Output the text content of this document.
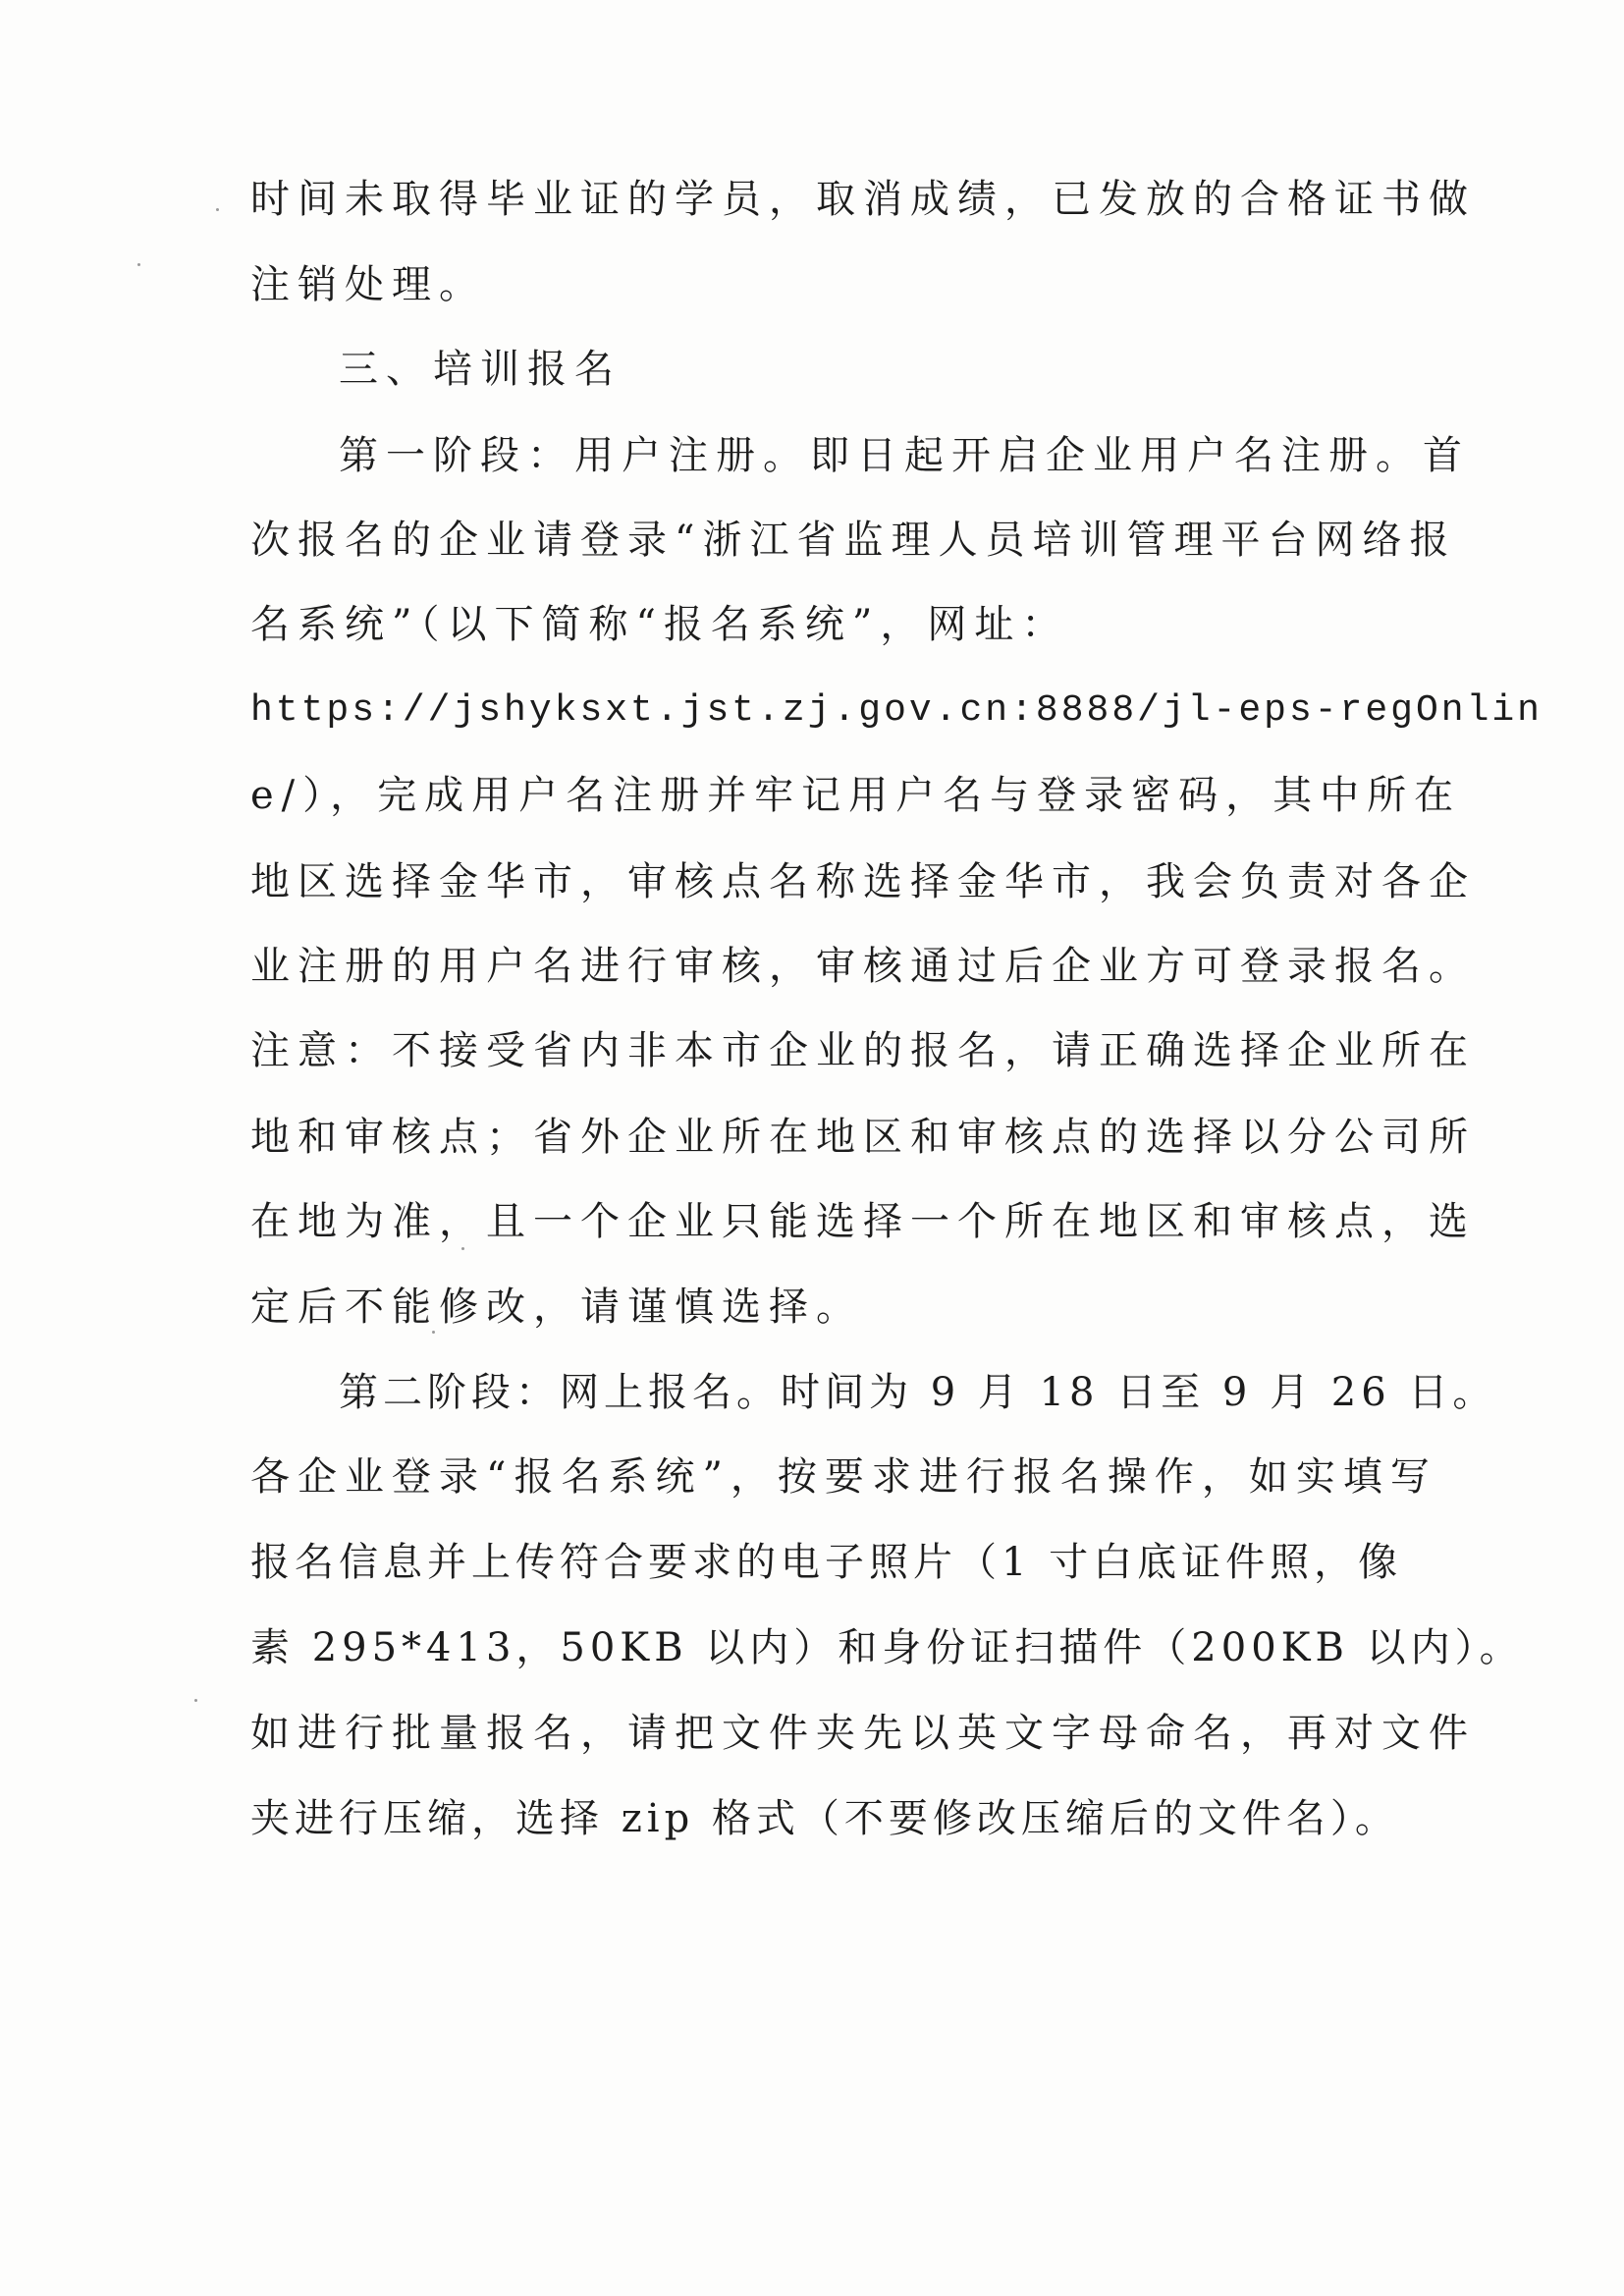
时间未取得毕业证的学员，取消成绩，已发放的合格证书做
注销处理。
三、培训报名
第一阶段：用户注册。即日起开启企业用户名注册。首
次报名的企业请登录“浙江省监理人员培训管理平台网络报
名系统”（以下简称“报名系统”，网址：
https://jshyksxt.jst.zj.gov.cn:8888/jl-eps-regOnlin
e/），完成用户名注册并牢记用户名与登录密码，其中所在
地区选择金华市，审核点名称选择金华市，我会负责对各企
业注册的用户名进行审核，审核通过后企业方可登录报名。
注意：不接受省内非本市企业的报名，请正确选择企业所在
地和审核点；省外企业所在地区和审核点的选择以分公司所
在地为准，且一个企业只能选择一个所在地区和审核点，选
定后不能修改，请谨慎选择。
第二阶段：网上报名。时间为 9 月 18 日至 9 月 26 日。
各企业登录“报名系统”，按要求进行报名操作，如实填写
报名信息并上传符合要求的电子照片（1 寸白底证件照，像
素 295*413，50KB 以内）和身份证扫描件（200KB 以内）。
如进行批量报名，请把文件夹先以英文字母命名，再对文件
夹进行压缩，选择 zip 格式（不要修改压缩后的文件名）。
